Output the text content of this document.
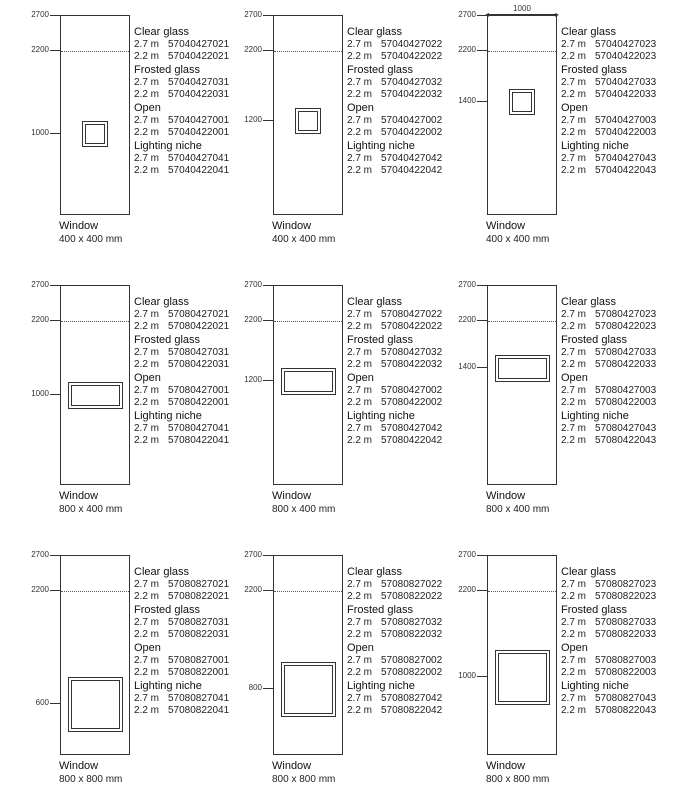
2700
2200
1000
Clear glass
2.7 m 57040427021
2.2 m 57040422021
Frosted glass
2.7 m 57040427031
2.2 m 57040422031
Open
2.7 m 57040427001
2.2 m 57040422001
Lighting niche
2.7 m 57040427041
2.2 m 57040422041
Window
400 x 400 mm
2700
2200
1200
Clear glass
2.7 m 57040427022
2.2 m 57040422022
Frosted glass
2.7 m 57040427032
2.2 m 57040422032
Open
2.7 m 57040427002
2.2 m 57040422002
Lighting niche
2.7 m 57040427042
2.2 m 57040422042
Window
400 x 400 mm
2700
2200
1400
1000
◂	▸
Clear glass
2.7 m 57040427023
2.2 m 57040422023
Frosted glass
2.7 m 57040427033
2.2 m 57040422033
Open
2.7 m 57040427003
2.2 m 57040422003
Lighting niche
2.7 m 57040427043
2.2 m 57040422043
Window
400 x 400 mm
2700
2200
1000
Clear glass
2.7 m 57080427021
2.2 m 57080422021
Frosted glass
2.7 m 57080427031
2.2 m 57080422031
Open
2.7 m 57080427001
2.2 m 57080422001
Lighting niche
2.7 m 57080427041
2.2 m 57080422041
Window
800 x 400 mm
2700
2200
1200
Clear glass
2.7 m 57080427022
2.2 m 57080422022
Frosted glass
2.7 m 57080427032
2.2 m 57080422032
Open
2.7 m 57080427002
2.2 m 57080422002
Lighting niche
2.7 m 57080427042
2.2 m 57080422042
Window
800 x 400 mm
2700
2200
1400
Clear glass
2.7 m 57080427023
2.2 m 57080422023
Frosted glass
2.7 m 57080427033
2.2 m 57080422033
Open
2.7 m 57080427003
2.2 m 57080422003
Lighting niche
2.7 m 57080427043
2.2 m 57080422043
Window
800 x 400 mm
2700
2200
600
Clear glass
2.7 m 57080827021
2.2 m 57080822021
Frosted glass
2.7 m 57080827031
2.2 m 57080822031
Open
2.7 m 57080827001
2.2 m 57080822001
Lighting niche
2.7 m 57080827041
2.2 m 57080822041
Window
800 x 800 mm
2700
2200
800
Clear glass
2.7 m 57080827022
2.2 m 57080822022
Frosted glass
2.7 m 57080827032
2.2 m 57080822032
Open
2.7 m 57080827002
2.2 m 57080822002
Lighting niche
2.7 m 57080827042
2.2 m 57080822042
Window
800 x 800 mm
2700
2200
1000
Clear glass
2.7 m 57080827023
2.2 m 57080822023
Frosted glass
2.7 m 57080827033
2.2 m 57080822033
Open
2.7 m 57080827003
2.2 m 57080822003
Lighting niche
2.7 m 57080827043
2.2 m 57080822043
Window
800 x 800 mm
